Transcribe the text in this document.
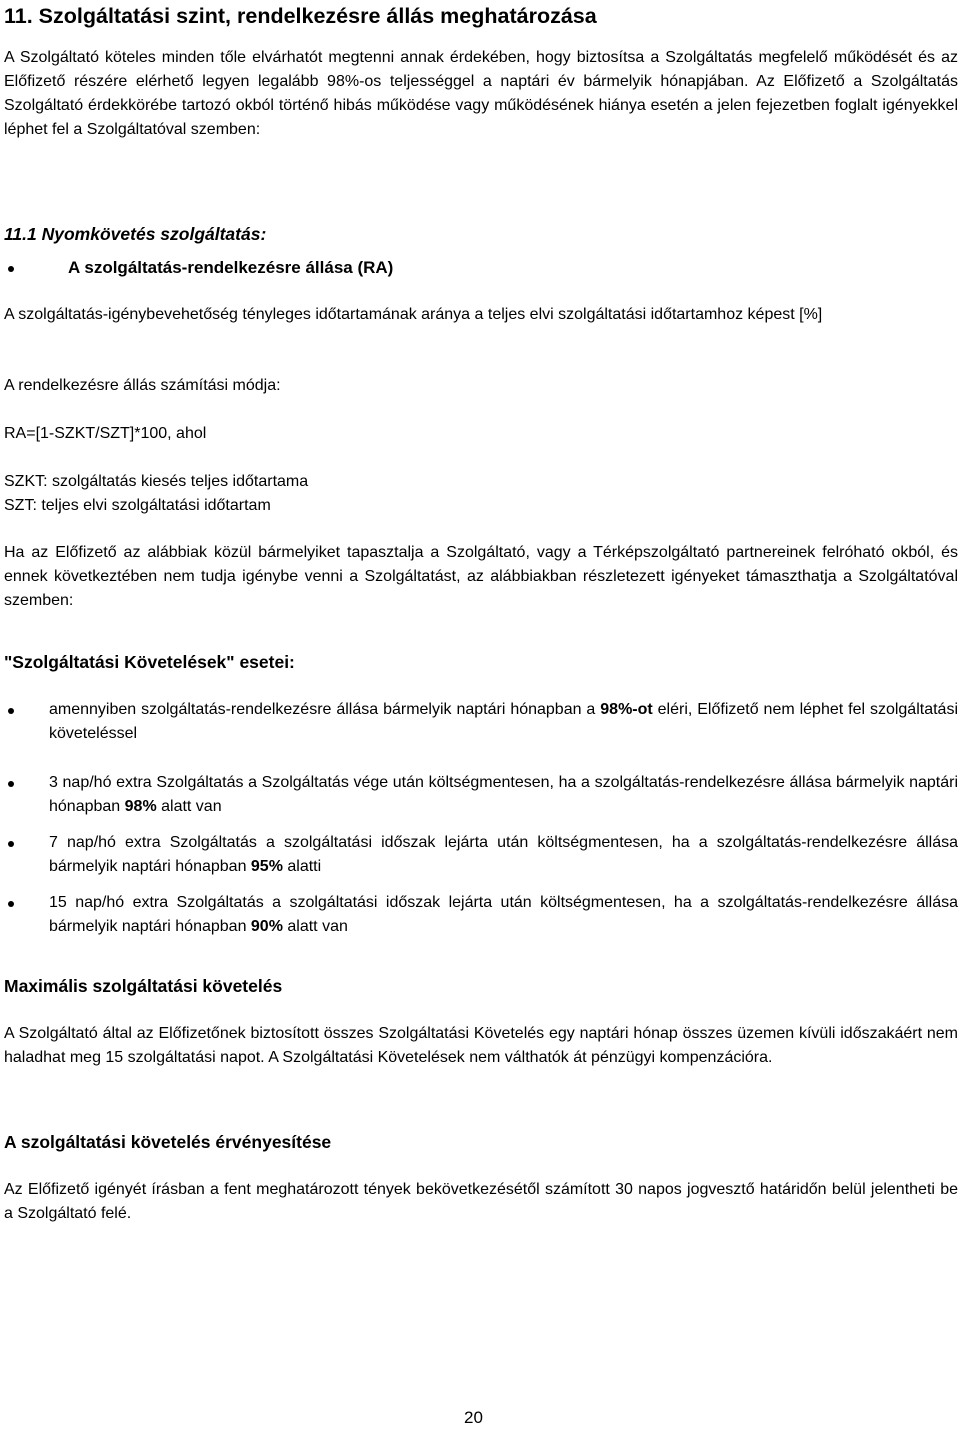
11. Szolgáltatási szint, rendelkezésre állás meghatározása
A Szolgáltató köteles minden tőle elvárhatót megtenni annak érdekében, hogy biztosítsa a Szolgáltatás megfelelő működését és az Előfizető részére elérhető legyen legalább 98%-os teljességgel a naptári év bármelyik hónapjában. Az Előfizető a Szolgáltatás Szolgáltató érdekkörébe tartozó okból történő hibás működése vagy működésének hiánya esetén a jelen fejezetben foglalt igényekkel léphet fel a Szolgáltatóval szemben:
11.1 Nyomkövetés szolgáltatás:
A szolgáltatás-rendelkezésre állása (RA)
A szolgáltatás-igénybevehetőség tényleges időtartamának aránya a teljes elvi szolgáltatási időtartamhoz képest [%]
A rendelkezésre állás számítási módja:
RA=[1-SZKT/SZT]*100, ahol
SZKT: szolgáltatás kiesés teljes időtartama
SZT: teljes elvi szolgáltatási időtartam
Ha az Előfizető az alábbiak közül bármelyiket tapasztalja a Szolgáltató, vagy a Térképszolgáltató partnereinek felróható okból, és ennek következtében nem tudja igénybe venni a Szolgáltatást, az alábbiakban részletezett igényeket támaszthatja a Szolgáltatóval szemben:
"Szolgáltatási Követelések" esetei:
amennyiben szolgáltatás-rendelkezésre állása bármelyik naptári hónapban a 98%-ot eléri, Előfizető nem léphet fel szolgáltatási követeléssel
3 nap/hó extra Szolgáltatás a Szolgáltatás vége után költségmentesen, ha a szolgáltatás-rendelkezésre állása bármelyik naptári hónapban 98% alatt van
7 nap/hó extra Szolgáltatás a szolgáltatási időszak lejárta után költségmentesen, ha a szolgáltatás-rendelkezésre állása bármelyik naptári hónapban 95% alatti
15 nap/hó extra Szolgáltatás a szolgáltatási időszak lejárta után költségmentesen, ha a szolgáltatás-rendelkezésre állása bármelyik naptári hónapban 90% alatt van
Maximális szolgáltatási követelés
A Szolgáltató által az Előfizetőnek biztosított összes Szolgáltatási Követelés egy naptári hónap összes üzemen kívüli időszakáért nem haladhat meg 15 szolgáltatási napot. A Szolgáltatási Követelések nem válthatók át pénzügyi kompenzációra.
A szolgáltatási követelés érvényesítése
Az Előfizető igényét írásban a fent meghatározott tények bekövetkezésétől számított 30 napos jogvesztő határidőn belül jelentheti be a Szolgáltató felé.
20
